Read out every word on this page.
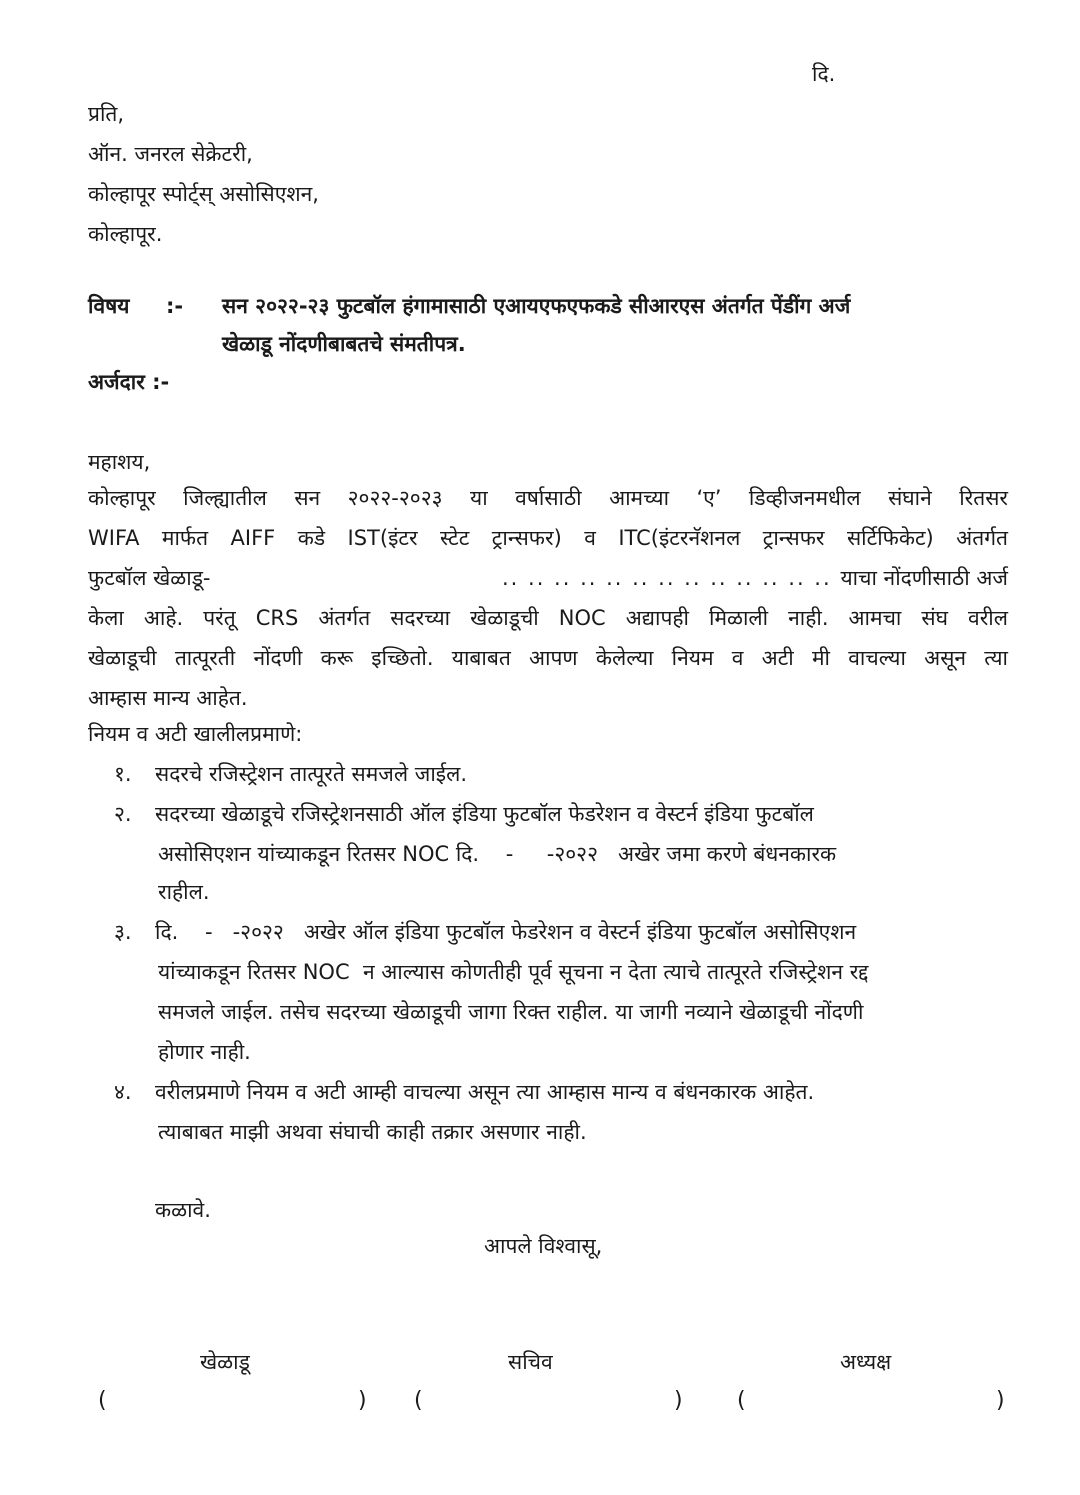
दि.
प्रति,
ऑन. जनरल सेक्रेटरी,
कोल्हापूर स्पोर्ट्स् असोसिएशन,
कोल्हापूर.
विषय :- सन २०२२-२३ फुटबॉल हंगामासाठी एआयएफएफकडे सीआरएस अंतर्गत पेंडींग अर्ज
खेळाडू नोंदणीबाबतचे संमतीपत्र.
अर्जदार :-
महाशय,
कोल्हापूर जिल्ह्यातील सन २०२२-२०२३ या वर्षासाठी आमच्या ‘ए’ डिव्हीजनमधील संघाने रितसर
WIFA मार्फत AIFF कडे IST(इंटर स्टेट ट्रान्सफर) व ITC(इंटरनॅशनल ट्रान्सफर सर्टिफिकेट) अंतर्गत
फुटबॉल खेळाडू-	.. .. .. .. .. .. .. .. .. .. .. .. .. याचा नोंदणीसाठी अर्ज
केला आहे. परंतू CRS अंतर्गत सदरच्या खेळाडूची NOC अद्यापही मिळाली नाही. आमचा संघ वरील
खेळाडूची तात्पूरती नोंदणी करू इच्छितो. याबाबत आपण केलेल्या नियम व अटी मी वाचल्या असून त्या
आम्हास मान्य आहेत.
नियम व अटी खालीलप्रमाणे:
१. सदरचे रजिस्ट्रेशन तात्पूरते समजले जाईल.
२. सदरच्या खेळाडूचे रजिस्ट्रेशनसाठी ऑल इंडिया फुटबॉल फेडरेशन व वेस्टर्न इंडिया फुटबॉल
असोसिएशन यांच्याकडून रितसर NOC दि.    -     -२०२२   अखेर जमा करणे बंधनकारक
राहील.
३. दि.    -   -२०२२   अखेर ऑल इंडिया फुटबॉल फेडरेशन व वेस्टर्न इंडिया फुटबॉल असोसिएशन
यांच्याकडून रितसर NOC  न आल्यास कोणतीही पूर्व सूचना न देता त्याचे तात्पूरते रजिस्ट्रेशन रद्द
समजले जाईल. तसेच सदरच्या खेळाडूची जागा रिक्त राहील. या जागी नव्याने खेळाडूची नोंदणी
होणार नाही.
४. वरीलप्रमाणे नियम व अटी आम्ही वाचल्या असून त्या आम्हास मान्य व बंधनकारक आहेत.
त्याबाबत माझी अथवा संघाची काही तक्रार असणार नाही.
कळावे.
आपले विश्वासू,
खेळाडू	सचिव	अध्यक्ष
(	) (	) (	)
